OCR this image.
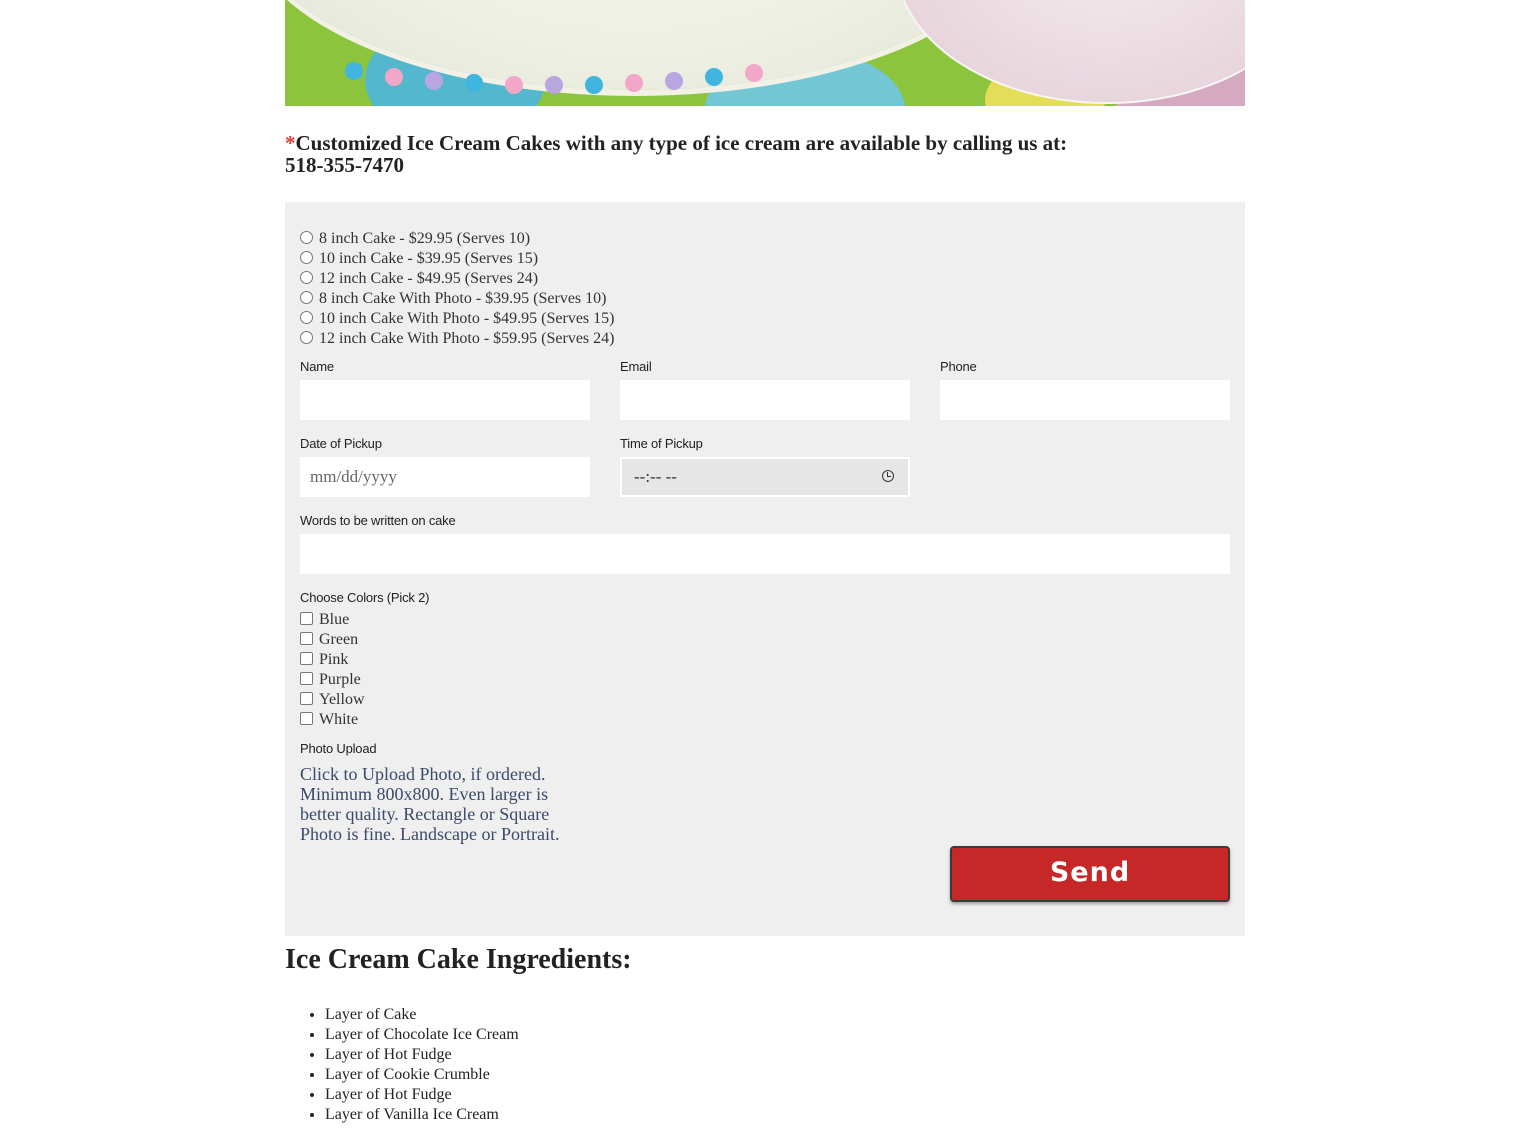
*Customized Ice Cream Cakes with any type of ice cream are available by calling us at:
518-355-7470
8 inch Cake - $29.95 (Serves 10)
10 inch Cake - $39.95 (Serves 15)
12 inch Cake - $49.95 (Serves 24)
8 inch Cake With Photo - $39.95 (Serves 10)
10 inch Cake With Photo - $49.95 (Serves 15)
12 inch Cake With Photo - $59.95 (Serves 24)
Name	Email	Phone
Date of Pickup
mm/dd/yyyy
Time of Pickup
--:-- --
Words to be written on cake
Choose Colors (Pick 2)
Blue
Green
Pink
Purple
Yellow
White
Photo Upload
Click to Upload Photo, if ordered. Minimum 800x800. Even larger is better quality. Rectangle or Square Photo is fine. Landscape or Portrait.
Send
Ice Cream Cake Ingredients:
• Layer of Cake
• Layer of Chocolate Ice Cream
• Layer of Hot Fudge
• Layer of Cookie Crumble
• Layer of Hot Fudge
• Layer of Vanilla Ice Cream
